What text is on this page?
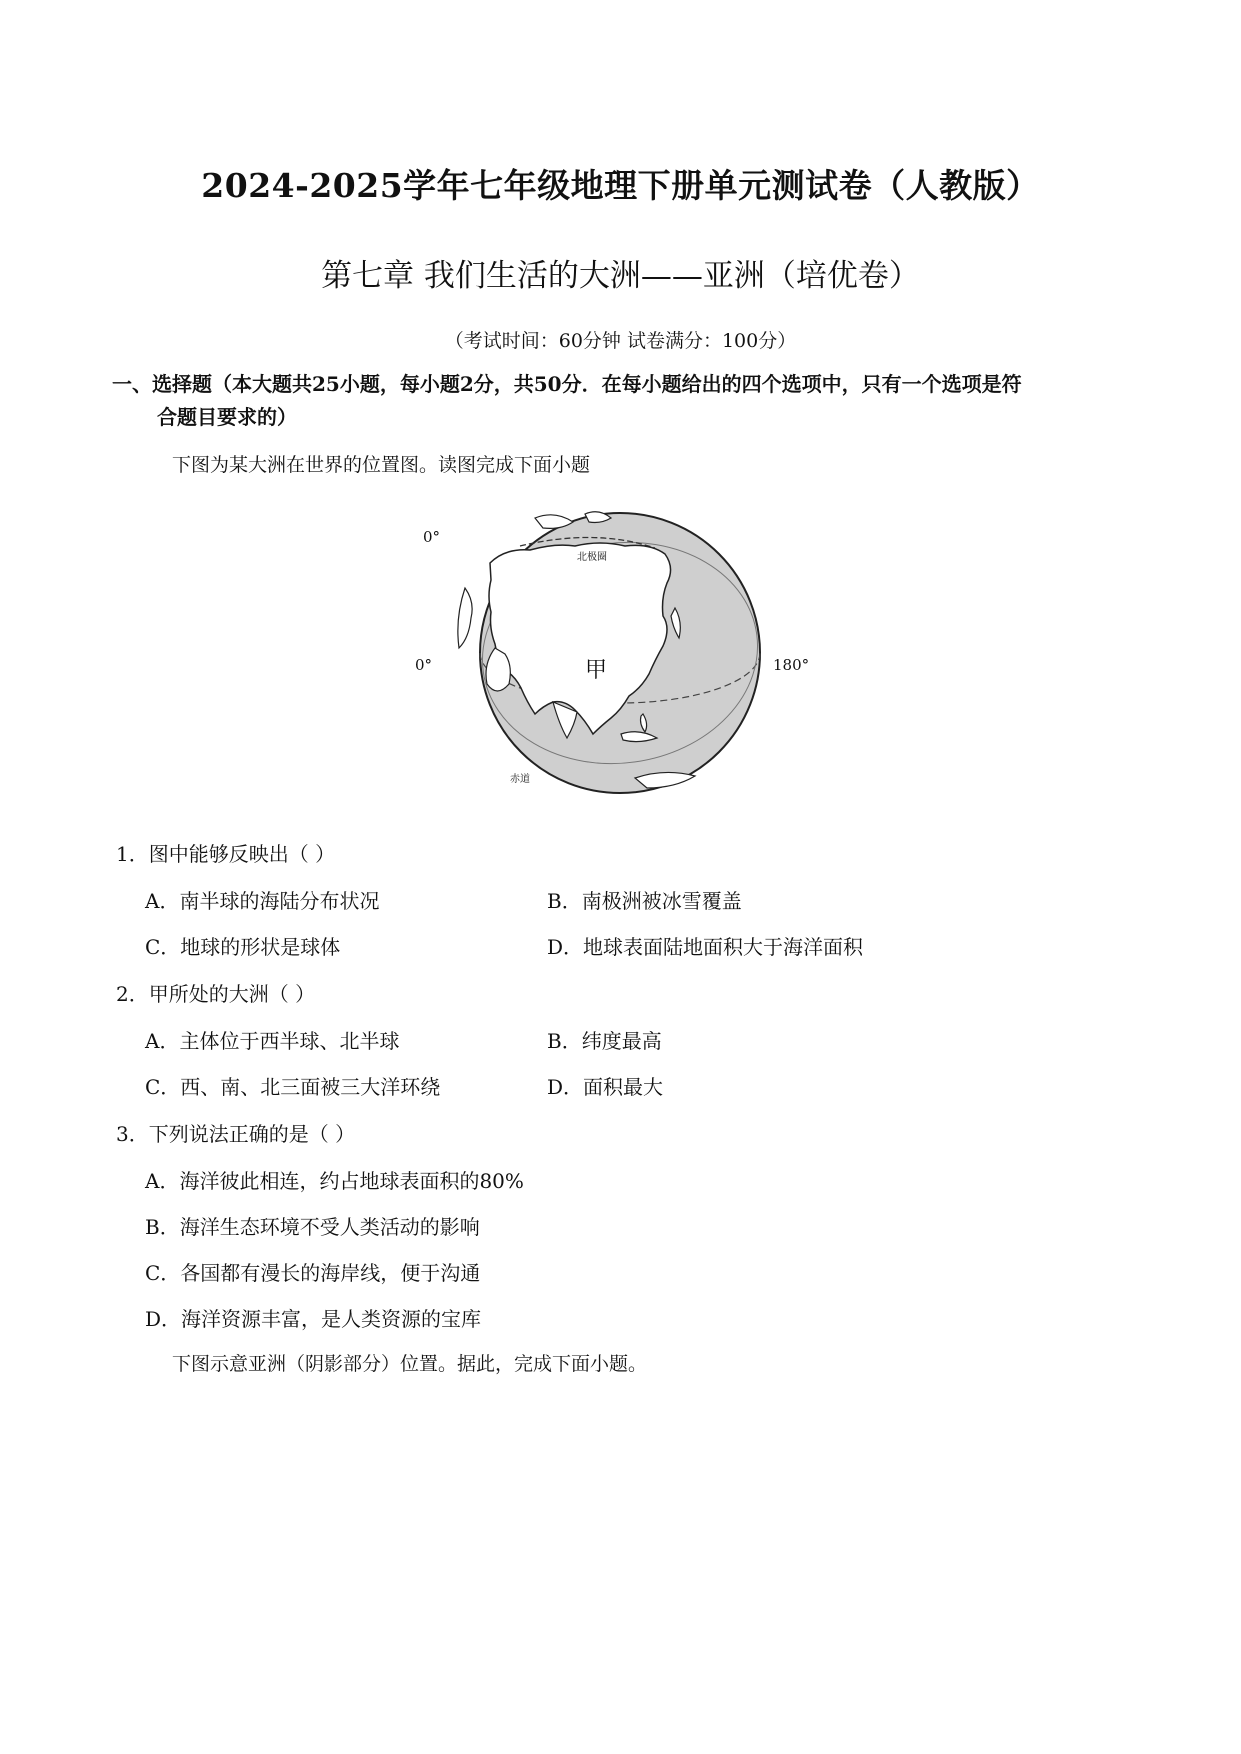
2024-2025学年七年级地理下册单元测试卷（人教版）
第七章 我们生活的大洲——亚洲（培优卷）
（考试时间：60分钟 试卷满分：100分）
一、选择题（本大题共25小题，每小题2分，共50分．在每小题给出的四个选项中，只有一个选项是符
合题目要求的）
下图为某大洲在世界的位置图。读图完成下面小题
0°
0°	180°
甲
北极圈
赤道
1．图中能够反映出（ ）
A．南半球的海陆分布状况	B．南极洲被冰雪覆盖
C．地球的形状是球体	D．地球表面陆地面积大于海洋面积
2．甲所处的大洲（ ）
A．主体位于西半球、北半球	B．纬度最高
C．西、南、北三面被三大洋环绕	D．面积最大
3．下列说法正确的是（ ）
A．海洋彼此相连，约占地球表面积的80%
B．海洋生态环境不受人类活动的影响
C．各国都有漫长的海岸线，便于沟通
D．海洋资源丰富，是人类资源的宝库
下图示意亚洲（阴影部分）位置。据此，完成下面小题。
